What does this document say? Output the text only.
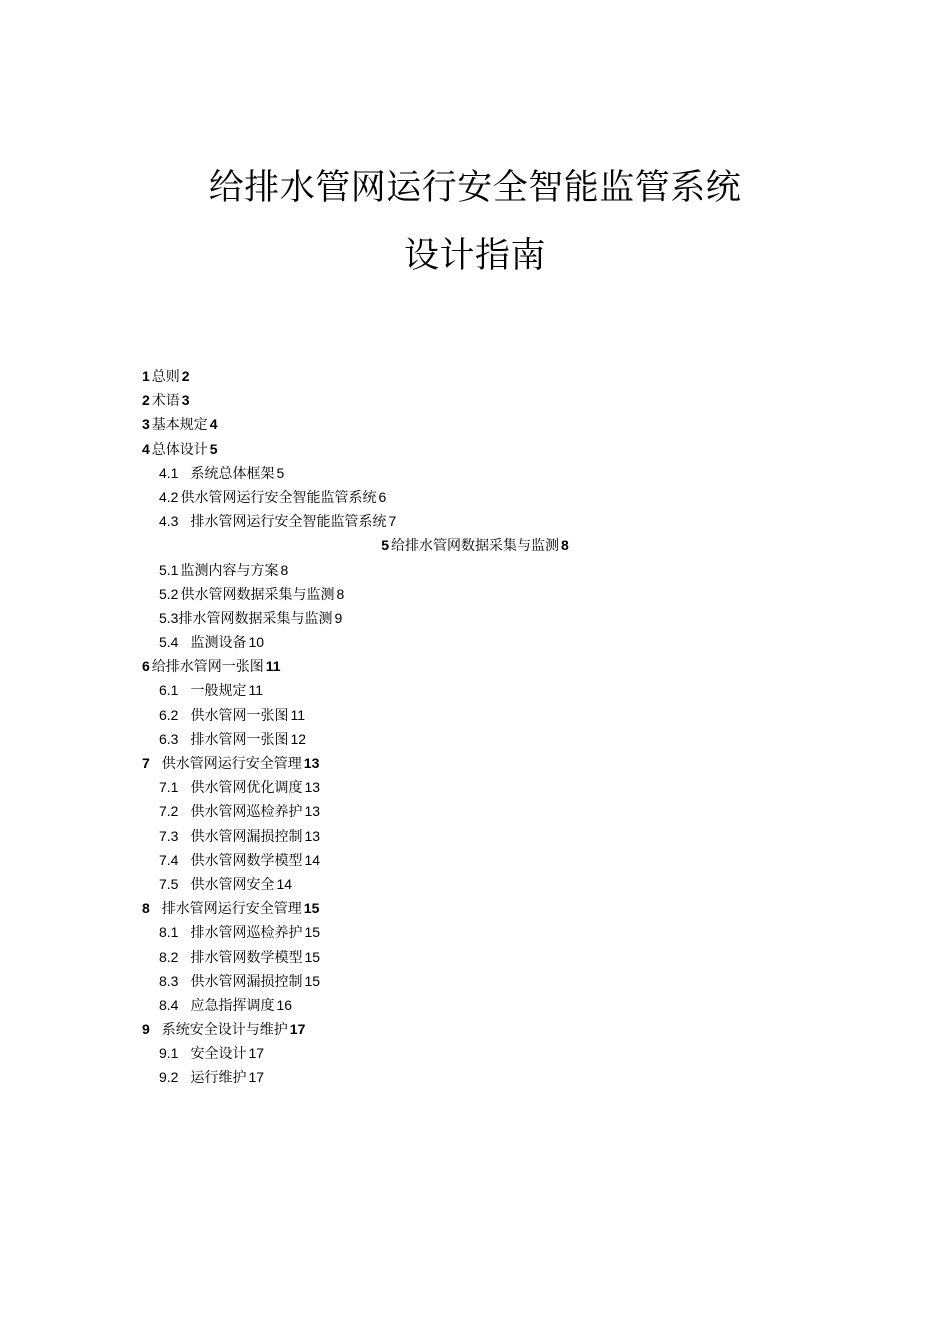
给排水管网运行安全智能监管系统
设计指南
1 总则 2
2 术语 3
3 基本规定 4
4 总体设计 5
4.1 系统总体框架 5
4.2 供水管网运行安全智能监管系统 6
4.3 排水管网运行安全智能监管系统 7
5 给排水管网数据采集与监测 8
5.1 监测内容与方案 8
5.2 供水管网数据采集与监测 8
5.3排水管网数据采集与监测 9
5.4 监测设备 10
6 给排水管网一张图 11
6.1 一般规定 11
6.2 供水管网一张图 11
6.3 排水管网一张图 12
7 供水管网运行安全管理 13
7.1 供水管网优化调度 13
7.2 供水管网巡检养护 13
7.3 供水管网漏损控制 13
7.4 供水管网数学模型 14
7.5 供水管网安全 14
8 排水管网运行安全管理 15
8.1 排水管网巡检养护 15
8.2 排水管网数学模型 15
8.3 供水管网漏损控制 15
8.4 应急指挥调度 16
9 系统安全设计与维护 17
9.1 安全设计 17
9.2 运行维护 17
